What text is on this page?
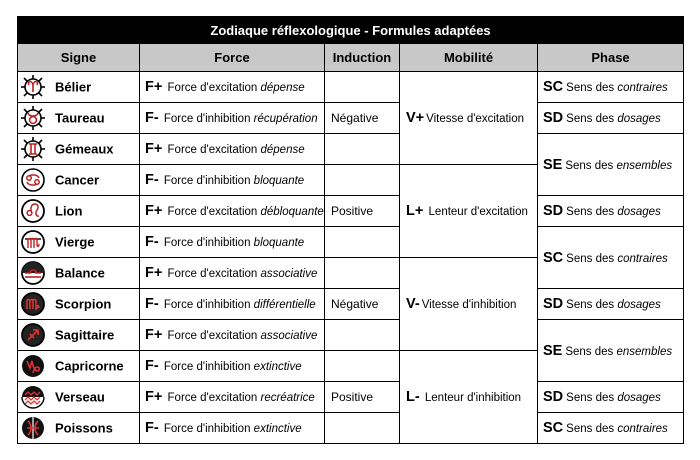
Zodiaque réflexologique - Formules adaptées				
Signe	Force	Induction	Mobilité	Phase
Bélier	F+ Force d'excitation dépense		V+ Vitesse d'excitation	SC Sens des contraires
Taureau	F- Force d'inhibition récupération	Négative		SD Sens des dosages
Gémeaux	F+ Force d'excitation dépense			SE Sens des ensembles
Cancer	F- Force d'inhibition bloquante		L+ Lenteur d'excitation	
Lion	F+ Force d'excitation débloquante	Positive		SD Sens des dosages
Vierge	F- Force d'inhibition bloquante			SC Sens des contraires
Balance	F+ Force d'excitation associative		V- Vitesse d'inhibition	
Scorpion	F- Force d'inhibition différentielle	Négative		SD Sens des dosages
Sagittaire	F+ Force d'excitation associative			SE Sens des ensembles
Capricorne	F- Force d'inhibition extinctive		L- Lenteur d'inhibition	
Verseau	F+ Force d'excitation recréatrice	Positive		SD Sens des dosages
Poissons	F- Force d'inhibition extinctive			SC Sens des contraires
